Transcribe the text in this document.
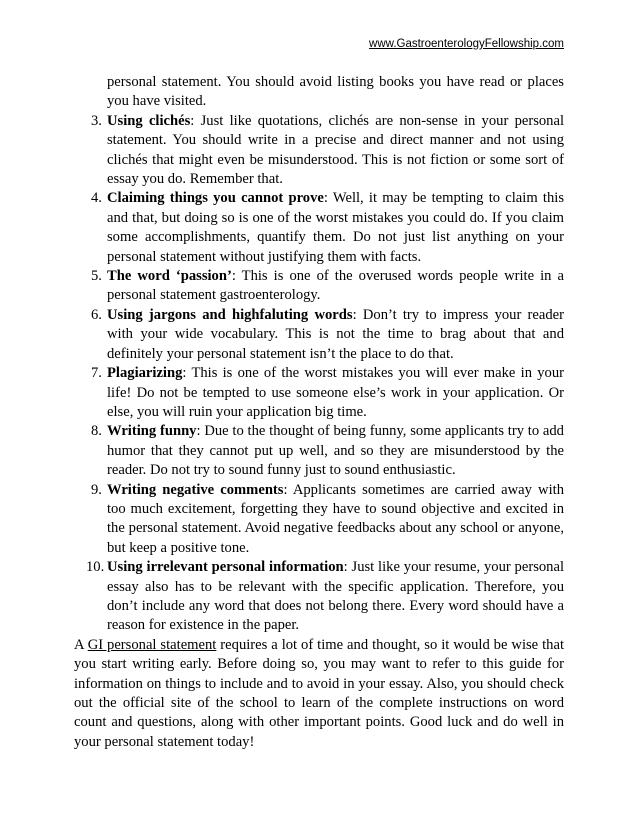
www.GastroenterologyFellowship.com

personal statement. You should avoid listing books you have read or places you have visited.

3. Using clichés: Just like quotations, clichés are non-sense in your personal statement. You should write in a precise and direct manner and not using clichés that might even be misunderstood. This is not fiction or some sort of essay you do. Remember that.

4. Claiming things you cannot prove: Well, it may be tempting to claim this and that, but doing so is one of the worst mistakes you could do. If you claim some accomplishments, quantify them. Do not just list anything on your personal statement without justifying them with facts.

5. The word ‘passion’: This is one of the overused words people write in a personal statement gastroenterology.

6. Using jargons and highfaluting words: Don’t try to impress your reader with your wide vocabulary. This is not the time to brag about that and definitely your personal statement isn’t the place to do that.

7. Plagiarizing: This is one of the worst mistakes you will ever make in your life! Do not be tempted to use someone else’s work in your application. Or else, you will ruin your application big time.

8. Writing funny: Due to the thought of being funny, some applicants try to add humor that they cannot put up well, and so they are misunderstood by the reader. Do not try to sound funny just to sound enthusiastic.

9. Writing negative comments: Applicants sometimes are carried away with too much excitement, forgetting they have to sound objective and excited in the personal statement. Avoid negative feedbacks about any school or anyone, but keep a positive tone.

10. Using irrelevant personal information: Just like your resume, your personal essay also has to be relevant with the specific application. Therefore, you don’t include any word that does not belong there. Every word should have a reason for existence in the paper.

A GI personal statement requires a lot of time and thought, so it would be wise that you start writing early. Before doing so, you may want to refer to this guide for information on things to include and to avoid in your essay. Also, you should check out the official site of the school to learn of the complete instructions on word count and questions, along with other important points. Good luck and do well in your personal statement today!
